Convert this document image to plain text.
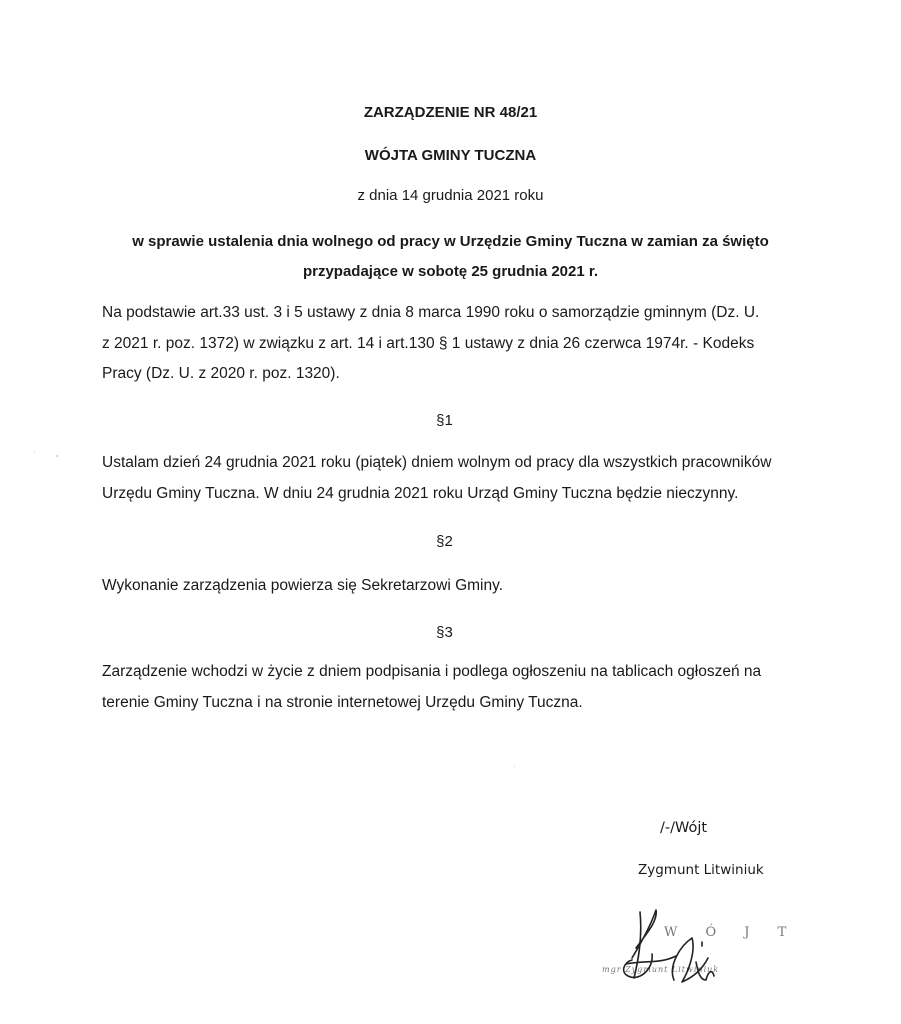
ZARZĄDZENIE NR 48/21
WÓJTA GMINY TUCZNA
z dnia 14 grudnia 2021 roku
w sprawie ustalenia dnia wolnego od pracy w Urzędzie Gminy Tuczna w zamian za święto
przypadające w sobotę 25 grudnia 2021 r.
Na podstawie art.33 ust. 3 i 5 ustawy z dnia 8 marca 1990 roku o samorządzie gminnym (Dz. U.
z 2021 r. poz. 1372) w związku z art. 14 i art.130 § 1 ustawy z dnia 26 czerwca 1974r. - Kodeks
Pracy (Dz. U. z 2020 r. poz. 1320).
§1
Ustalam dzień 24 grudnia 2021 roku (piątek) dniem wolnym od pracy dla wszystkich pracowników
Urzędu Gminy Tuczna. W dniu 24 grudnia 2021 roku Urząd Gminy Tuczna będzie nieczynny.
§2
Wykonanie zarządzenia powierza się Sekretarzowi Gminy.
§3
Zarządzenie wchodzi w życie z dniem podpisania i podlega ogłoszeniu na tablicach ogłoszeń na
terenie Gminy Tuczna i na stronie internetowej Urzędu Gminy Tuczna.
/-/Wójt
Zygmunt Litwiniuk
W Ó J T
mgr Zygmunt Litwiniuk
